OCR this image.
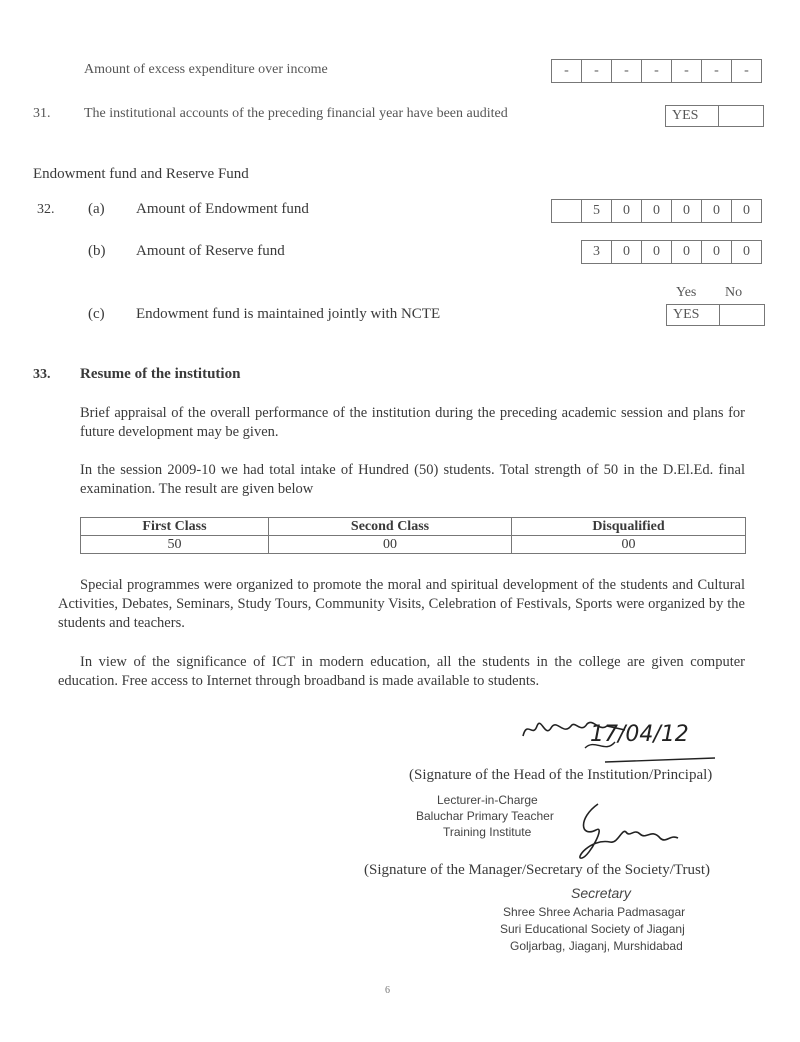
Amount of excess expenditure over income	-	-	-	-	-	-	-
31. The institutional accounts of the preceding financial year have been audited	YES
Endowment fund and Reserve Fund
32. (a) Amount of Endowment fund	5	0	0	0	0	0
(b) Amount of Reserve fund	3	0	0	0	0	0
Yes No
(c) Endowment fund is maintained jointly with NCTE	YES
33. Resume of the institution
Brief appraisal of the overall performance of the institution during the preceding academic session and plans for future development may be given.
In the session 2009-10 we had total intake of Hundred (50) students. Total strength of 50 in the D.El.Ed. final examination. The result are given below
First Class	Second Class	Disqualified
50	00	00
Special programmes were organized to promote the moral and spiritual development of the students and Cultural Activities, Debates, Seminars, Study Tours, Community Visits, Celebration of Festivals, Sports were organized by the students and teachers.
In view of the significance of ICT in modern education, all the students in the college are given computer education. Free access to Internet through broadband is made available to students.
17/04/12
(Signature of the Head of the Institution/Principal)
Lecturer-in-Charge
Baluchar Primary Teacher
Training Institute
(Signature of the Manager/Secretary of the Society/Trust)
Secretary
Shree Shree Acharia Padmasagar
Suri Educational Society of Jiaganj
Goljarbag, Jiaganj, Murshidabad
6
